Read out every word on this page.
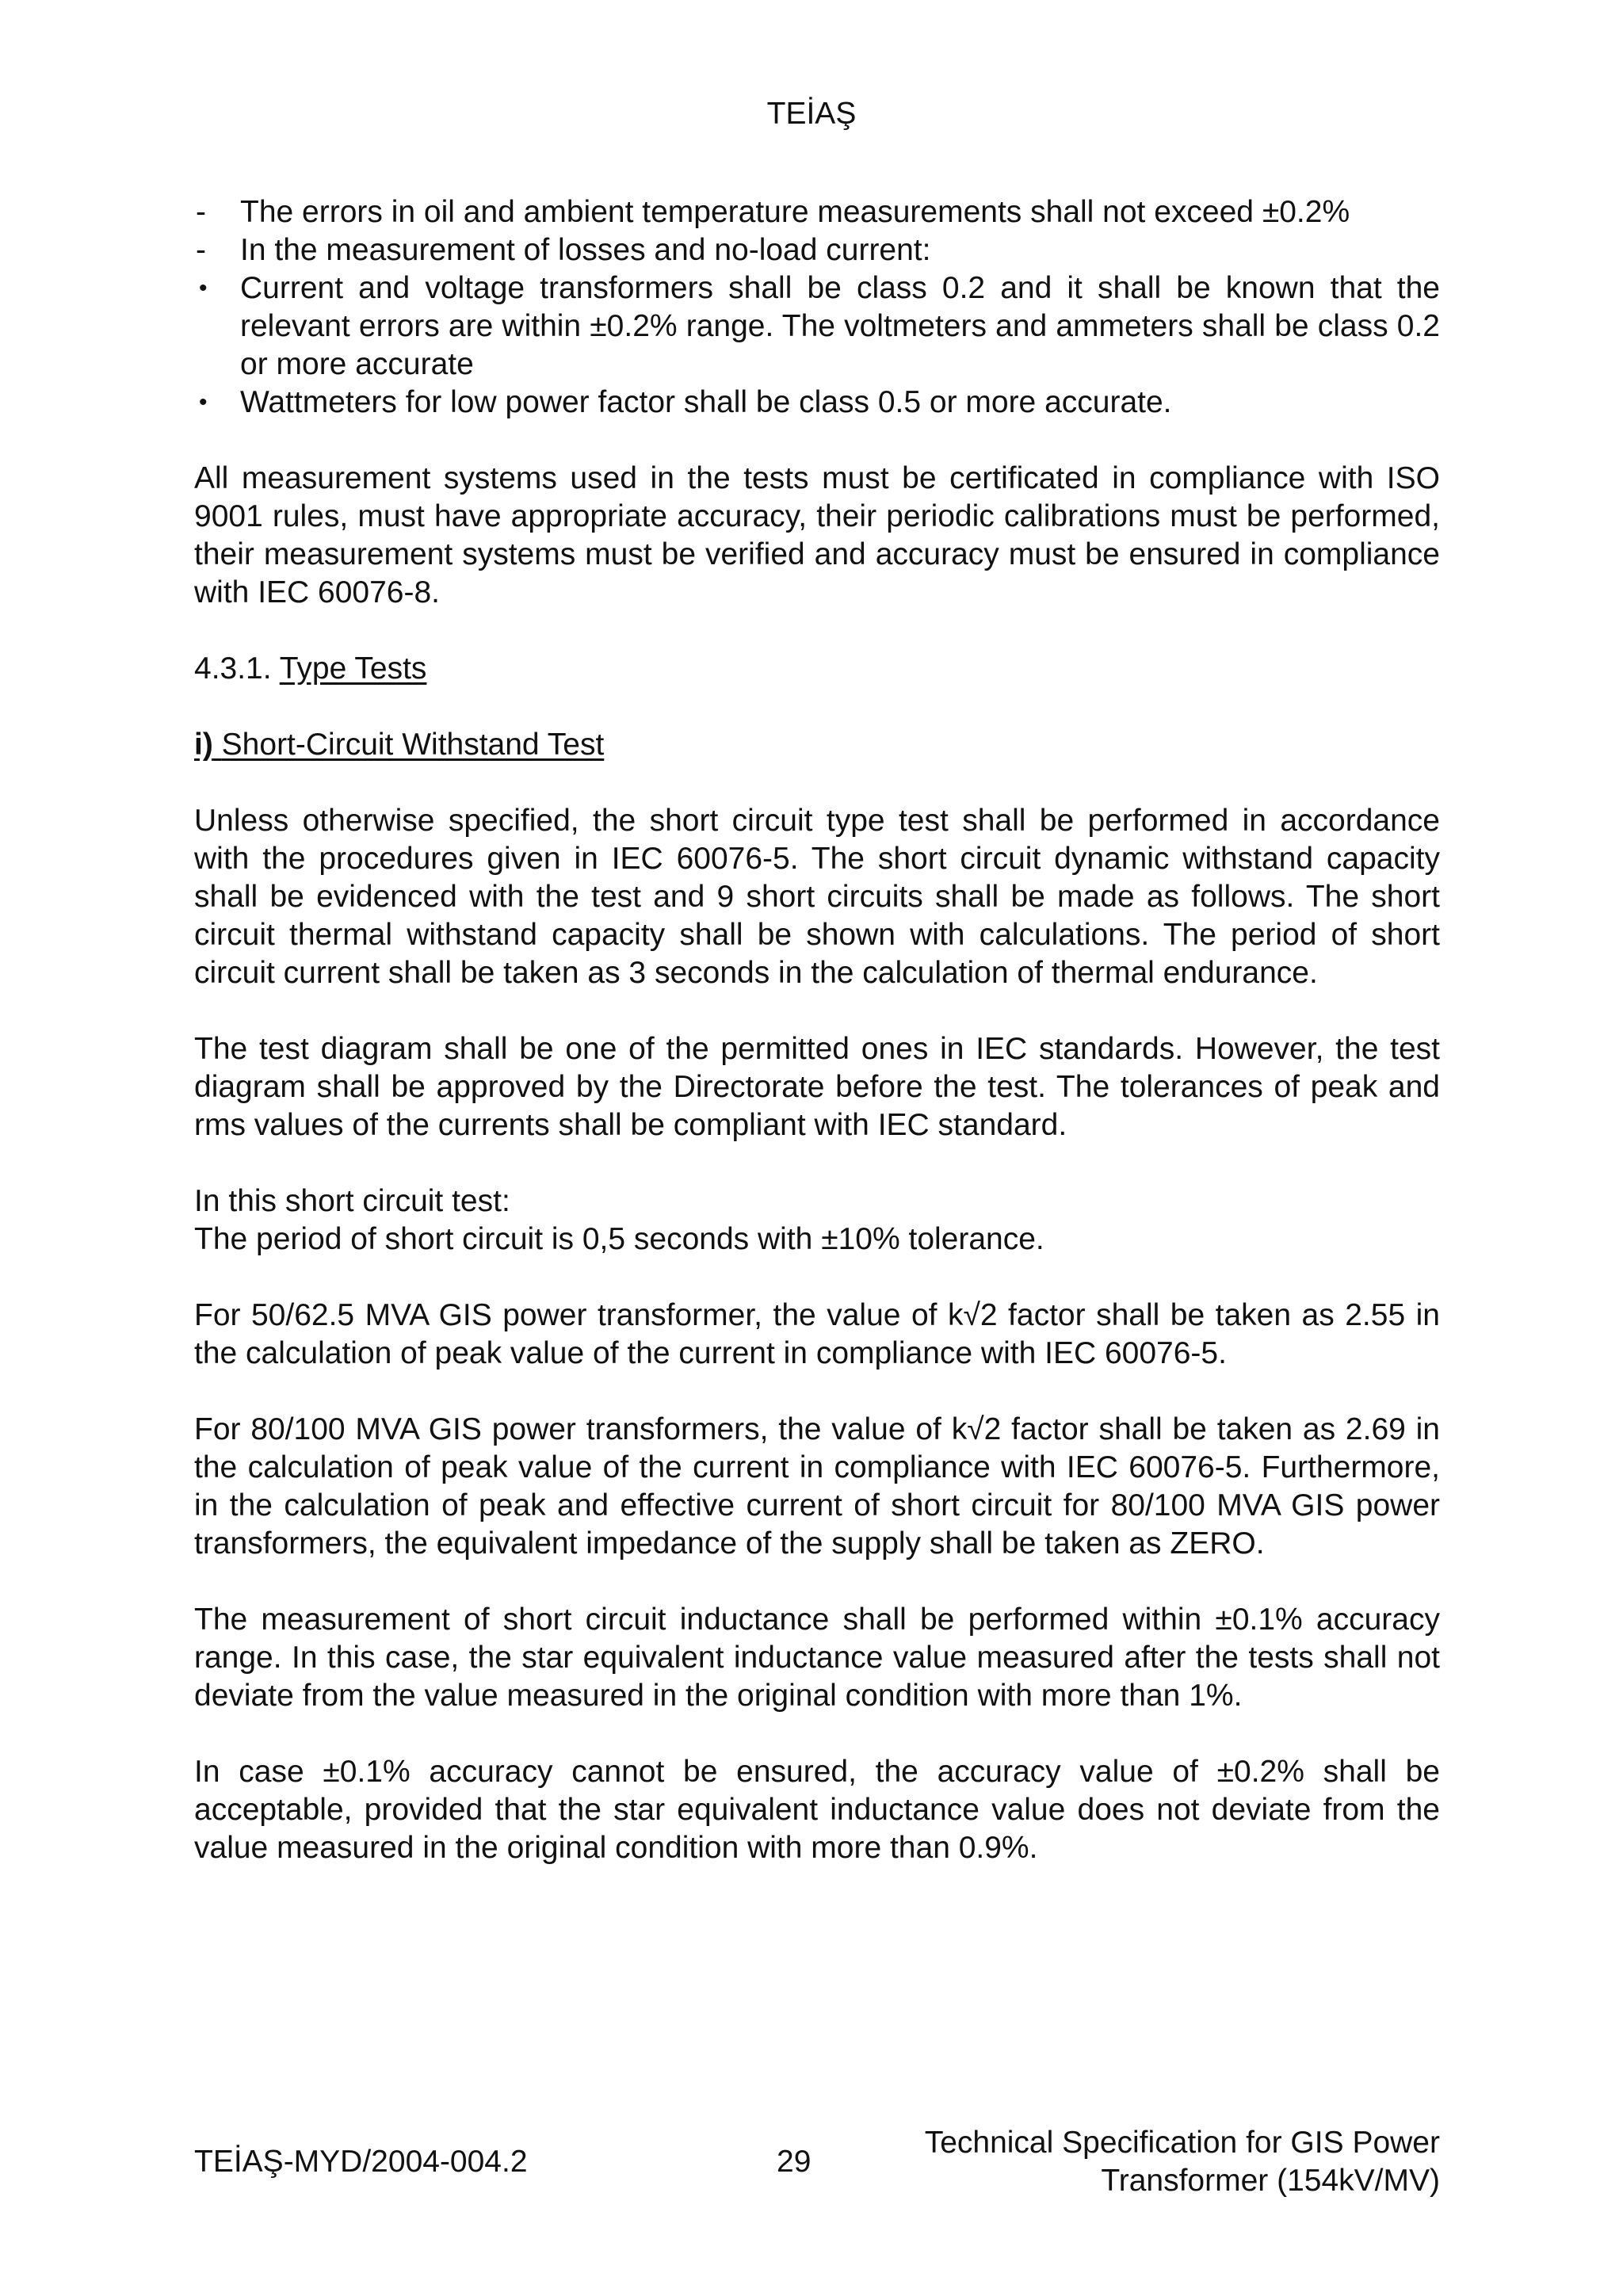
TEİAŞ
-	The errors in oil and ambient temperature measurements shall not exceed ±0.2%
-	In the measurement of losses and no-load current:
•	Current and voltage transformers shall be class 0.2 and it shall be known that the relevant errors are within ±0.2% range. The voltmeters and ammeters shall be class 0.2 or more accurate
•	Wattmeters for low power factor shall be class 0.5 or more accurate.

All measurement systems used in the tests must be certificated in compliance with ISO 9001 rules, must have appropriate accuracy, their periodic calibrations must be performed, their measurement systems must be verified and accuracy must be ensured in compliance with IEC 60076-8.

4.3.1. Type Tests
i) Short-Circuit Withstand Test

Unless otherwise specified, the short circuit type test shall be performed in accordance with the procedures given in IEC 60076-5. The short circuit dynamic withstand capacity shall be evidenced with the test and 9 short circuits shall be made as follows. The short circuit thermal withstand capacity shall be shown with calculations. The period of short circuit current shall be taken as 3 seconds in the calculation of thermal endurance.

The test diagram shall be one of the permitted ones in IEC standards. However, the test diagram shall be approved by the Directorate before the test. The tolerances of peak and rms values of the currents shall be compliant with IEC standard.

In this short circuit test:

The period of short circuit is 0,5 seconds with ±10% tolerance.

For 50/62.5 MVA GIS power transformer, the value of k√2 factor shall be taken as 2.55 in the calculation of peak value of the current in compliance with IEC 60076-5.

For 80/100 MVA GIS power transformers, the value of k√2 factor shall be taken as 2.69 in the calculation of peak value of the current in compliance with IEC 60076-5. Furthermore, in the calculation of peak and effective current of short circuit for 80/100 MVA GIS power transformers, the equivalent impedance of the supply shall be taken as ZERO.

The measurement of short circuit inductance shall be performed within ±0.1% accuracy range. In this case, the star equivalent inductance value measured after the tests shall not deviate from the value measured in the original condition with more than 1%.

In case ±0.1% accuracy cannot be ensured, the accuracy value of ±0.2% shall be acceptable, provided that the star equivalent inductance value does not deviate from the value measured in the original condition with more than 0.9%.

TEİAŞ-MYD/2004-004.2	29
Technical Specification for GIS Power
Transformer (154kV/MV)
